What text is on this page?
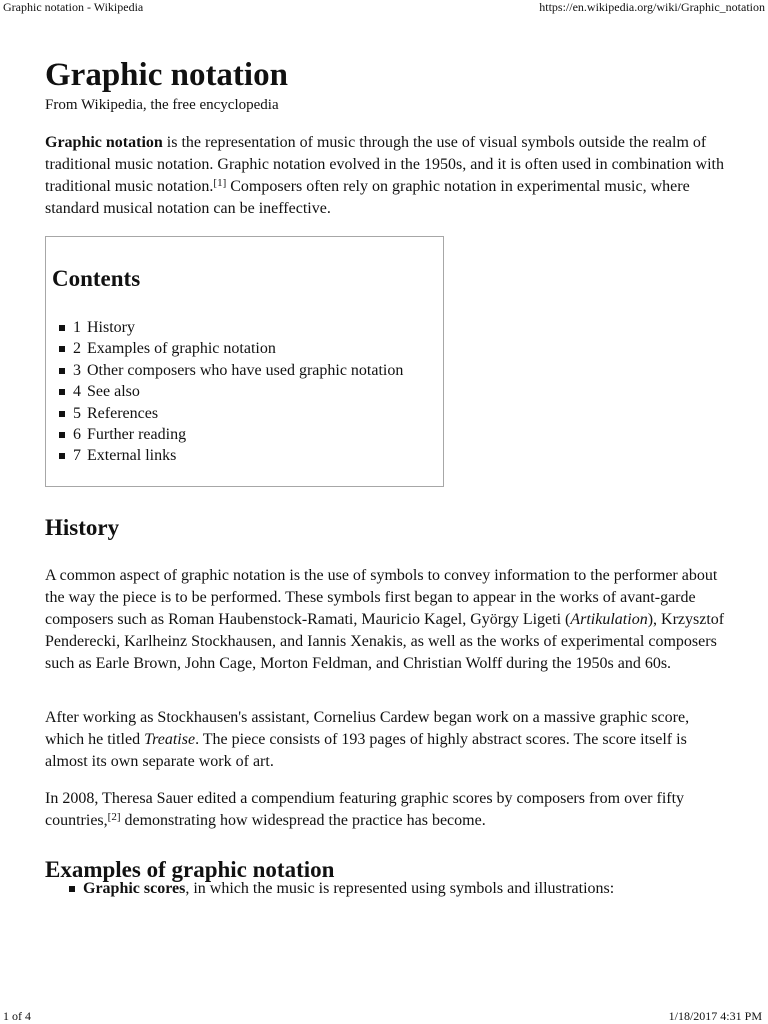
Graphic notation - Wikipedia	https://en.wikipedia.org/wiki/Graphic_notation
Graphic notation
From Wikipedia, the free encyclopedia

Graphic notation is the representation of music through the use of visual symbols outside the realm of traditional music notation. Graphic notation evolved in the 1950s, and it is often used in combination with traditional music notation.[1] Composers often rely on graphic notation in experimental music, where standard musical notation can be ineffective.

1 History
2 Examples of graphic notation
3 Other composers who have used graphic notation
4 See also
5 References
6 Further reading
7 External links
Contents
History

A common aspect of graphic notation is the use of symbols to convey information to the performer about the way the piece is to be performed. These symbols first began to appear in the works of avant-garde composers such as Roman Haubenstock-Ramati, Mauricio Kagel, György Ligeti (Artikulation), Krzysztof Penderecki, Karlheinz Stockhausen, and Iannis Xenakis, as well as the works of experimental composers such as Earle Brown, John Cage, Morton Feldman, and Christian Wolff during the 1950s and 60s.

After working as Stockhausen's assistant, Cornelius Cardew began work on a massive graphic score, which he titled Treatise. The piece consists of 193 pages of highly abstract scores. The score itself is almost its own separate work of art.

In 2008, Theresa Sauer edited a compendium featuring graphic scores by composers from over fifty countries,[2] demonstrating how widespread the practice has become.

Examples of graphic notation
Graphic scores, in which the music is represented using symbols and illustrations:
1 of 4	1/18/2017 4:31 PM
